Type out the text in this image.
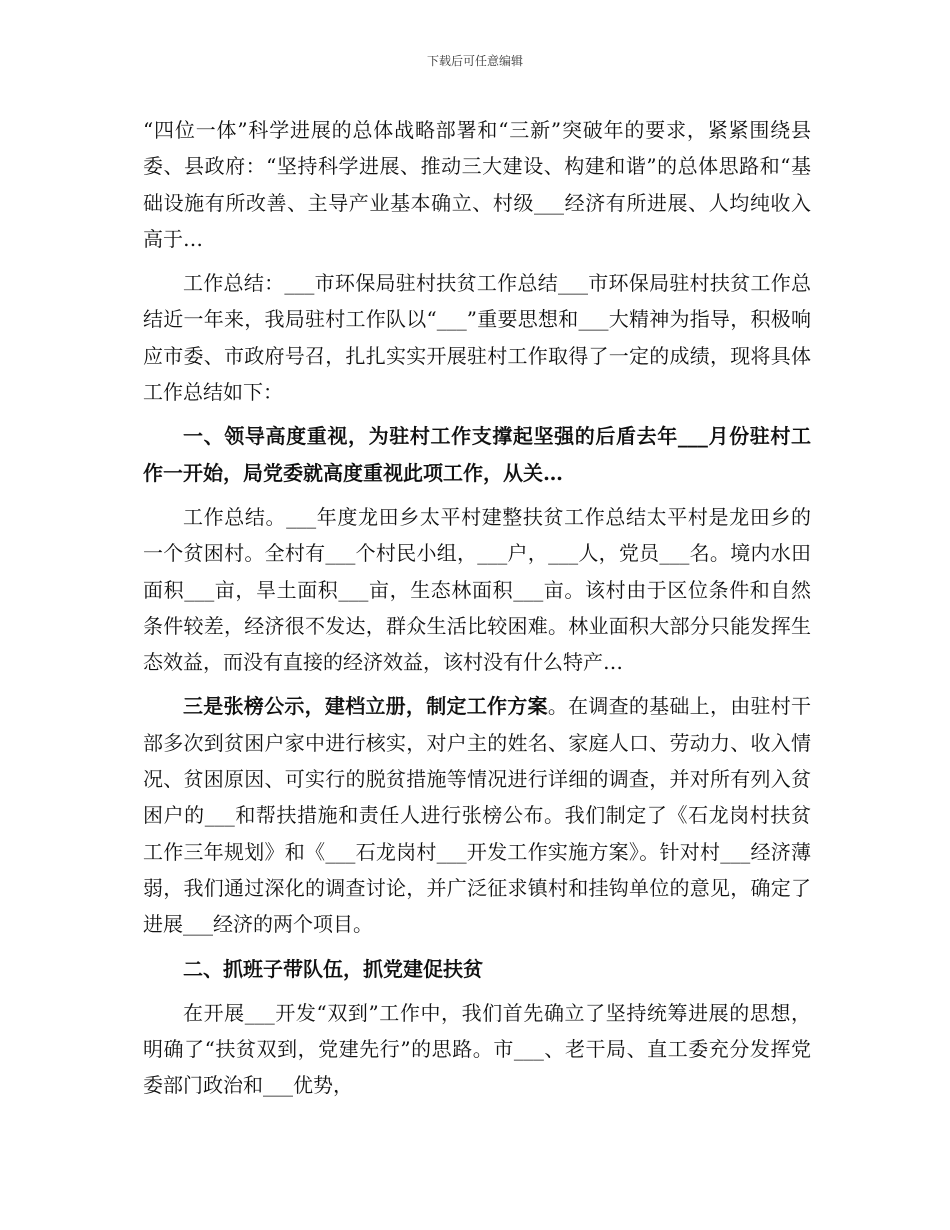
下载后可任意编辑

“四位一体”科学进展的总体战略部署和“三新”突破年的要求，紧紧围绕县委、县政府：“坚持科学进展、推动三大建设、构建和谐”的总体思路和“基础设施有所改善、主导产业基本确立、村级___经济有所进展、人均纯收入高于…

工作总结：___市环保局驻村扶贫工作总结___市环保局驻村扶贫工作总结近一年来，我局驻村工作队以“___”重要思想和___大精神为指导，积极响应市委、市政府号召，扎扎实实开展驻村工作取得了一定的成绩，现将具体工作总结如下：

一、领导高度重视，为驻村工作支撑起坚强的后盾去年___月份驻村工作一开始，局党委就高度重视此项工作，从关…

工作总结。___年度龙田乡太平村建整扶贫工作总结太平村是龙田乡的一个贫困村。全村有___个村民小组，___户，___人，党员___名。境内水田面积___亩，旱土面积___亩，生态林面积___亩。该村由于区位条件和自然条件较差，经济很不发达，群众生活比较困难。林业面积大部分只能发挥生态效益，而没有直接的经济效益，该村没有什么特产…

三是张榜公示，建档立册，制定工作方案。在调查的基础上，由驻村干部多次到贫困户家中进行核实，对户主的姓名、家庭人口、劳动力、收入情况、贫困原因、可实行的脱贫措施等情况进行详细的调查，并对所有列入贫困户的___和帮扶措施和责任人进行张榜公布。我们制定了《石龙岗村扶贫工作三年规划》和《___石龙岗村___开发工作实施方案》。针对村___经济薄弱，我们通过深化的调查讨论，并广泛征求镇村和挂钩单位的意见，确定了进展___经济的两个项目。

二、抓班子带队伍，抓党建促扶贫

在开展___开发“双到”工作中，我们首先确立了坚持统筹进展的思想，明确了“扶贫双到，党建先行”的思路。市___、老干局、直工委充分发挥党委部门政治和___优势，
